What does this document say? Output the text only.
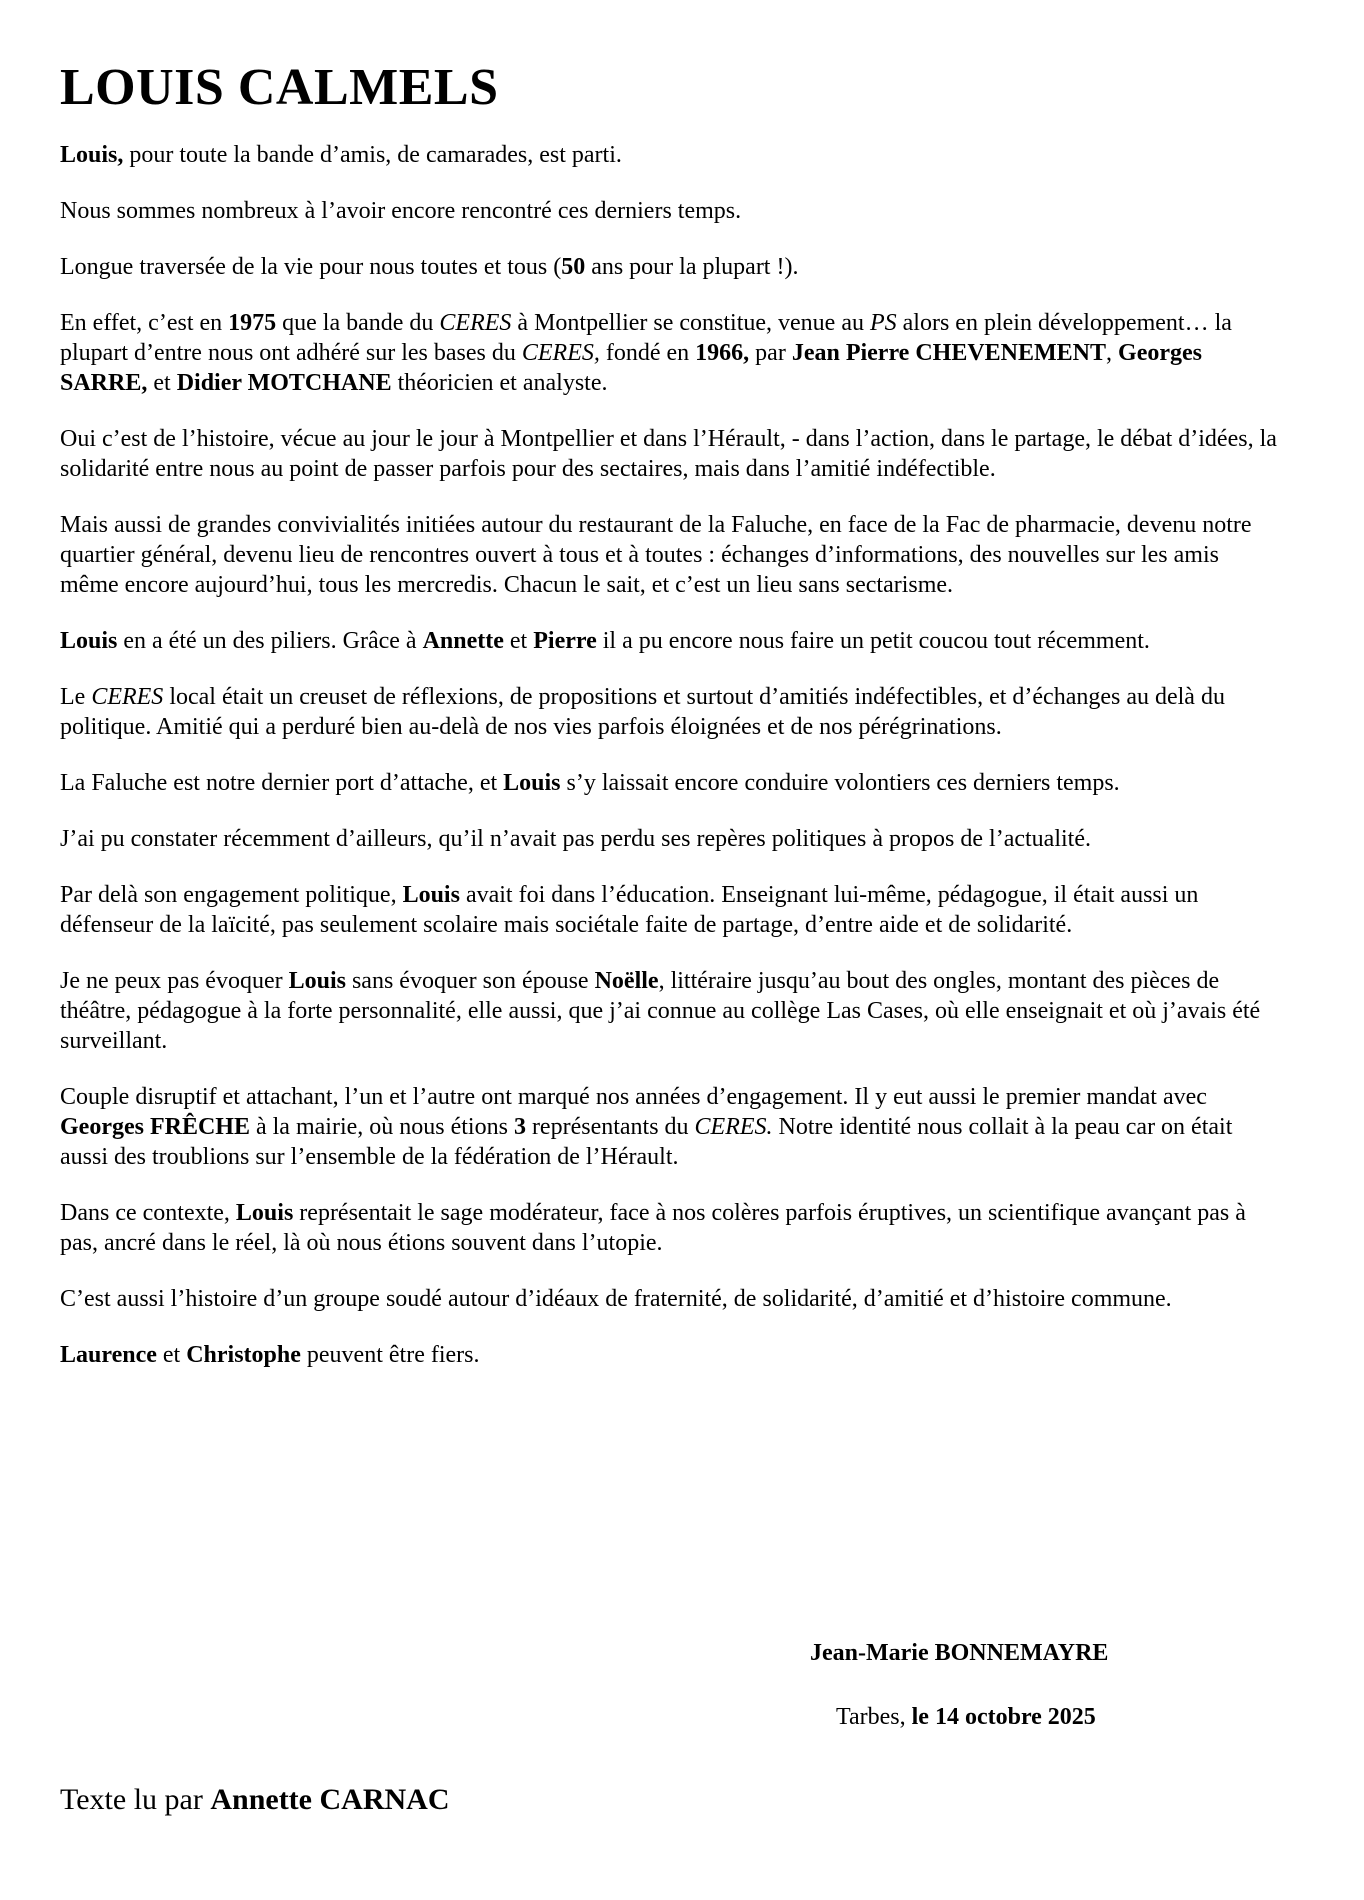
LOUIS CALMELS

Louis, pour toute la bande d’amis, de camarades, est parti.

Nous sommes nombreux à l’avoir encore rencontré ces derniers temps.

Longue traversée de la vie pour nous toutes et tous (50 ans pour la plupart !).

En effet, c’est en 1975 que la bande du CERES à Montpellier se constitue, venue au PS alors en plein développement… la plupart d’entre nous ont adhéré sur les bases du CERES, fondé en 1966, par Jean Pierre CHEVENEMENT, Georges SARRE, et Didier MOTCHANE théoricien et analyste.

Oui c’est de l’histoire, vécue au jour le jour à Montpellier et dans l’Hérault, - dans l’action, dans le partage, le débat d’idées, la solidarité entre nous au point de passer parfois pour des sectaires, mais dans l’amitié indéfectible.

Mais aussi de grandes convivialités initiées autour du restaurant de la Faluche, en face de la Fac de pharmacie, devenu notre quartier général, devenu lieu de rencontres ouvert à tous et à toutes : échanges d’informations, des nouvelles sur les amis même encore aujourd’hui, tous les mercredis. Chacun le sait, et c’est un lieu sans sectarisme.

Louis en a été un des piliers. Grâce à Annette et Pierre il a pu encore nous faire un petit coucou tout récemment.

Le CERES local était un creuset de réflexions, de propositions et surtout d’amitiés indéfectibles, et d’échanges au delà du politique. Amitié qui a perduré bien au-delà de nos vies parfois éloignées et de nos pérégrinations.

La Faluche est notre dernier port d’attache, et Louis s’y laissait encore conduire volontiers ces derniers temps.

J’ai pu constater récemment d’ailleurs, qu’il n’avait pas perdu ses repères politiques à propos de l’actualité.

Par delà son engagement politique, Louis avait foi dans l’éducation. Enseignant lui-même, pédagogue, il était aussi un défenseur de la laïcité, pas seulement scolaire mais sociétale faite de partage, d’entre aide et de solidarité.

Je ne peux pas évoquer Louis sans évoquer son épouse Noëlle, littéraire jusqu’au bout des ongles, montant des pièces de théâtre, pédagogue à la forte personnalité, elle aussi, que j’ai connue au collège Las Cases, où elle enseignait et où j’avais été surveillant.

Couple disruptif et attachant, l’un et l’autre ont marqué nos années d’engagement. Il y eut aussi le premier mandat avec Georges FRÊCHE à la mairie, où nous étions 3 représentants du CERES. Notre identité nous collait à la peau car on était aussi des troublions sur l’ensemble de la fédération de l’Hérault.

Dans ce contexte, Louis représentait le sage modérateur, face à nos colères parfois éruptives, un scientifique avançant pas à pas, ancré dans le réel, là où nous étions souvent dans l’utopie.

C’est aussi l’histoire d’un groupe soudé autour d’idéaux de fraternité, de solidarité, d’amitié et d’histoire commune.

Laurence et Christophe peuvent être fiers.

Jean-Marie BONNEMAYRE
Tarbes, le 14 octobre 2025
Texte lu par Annette CARNAC
